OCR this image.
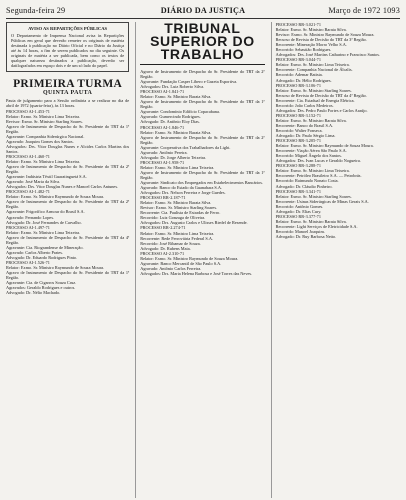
Segunda-feira 29	DIÁRIO DA JUSTIÇA	Março de 1972 1093
AVISO AS REPARTIÇÕES PÚBLICAS
O Departamento de Imprensa Nacional avisa às Repartições Públicas em geral que deverão remeter os originais de matéria destinada à publicação no Diário Oficial e no Diário da Justiça até às 14 horas, a fim de serem publicados no dia seguinte. Os originais de matéria a ser publicada, bem como os textos de qualquer natureza destinados a publicação, deverão ser datilografados em espaço dois e de um só lado do papel.
PRIMEIRA TURMA
QUINTA PAUTA

Pauta de julgamento para a Sessão ordinária a se realizar no dia de abril de 1972 (quarta-feira), às 13 horas.
PROCESSO AI-1.453-71
Relator: Exmo. Sr. Ministro Lima Teixeira.
Revisor: Exmo. Sr. Ministro Starling Soares.
Agravo de Instrumento de Despacho do Sr. Presidente do TRT da 1ª Região.
Agravante: Companhia Siderúrgica Nacional.
Agravado: Joaquim Gomes dos Santos.
Advogados: Drs. Vitor Douglas Nunes e Alcides Carlos Martins dos Santos.
PROCESSO AI-1.460-71
Relator: Exmo. Sr. Ministro Lima Teixeira.
Agravo de Instrumento de Despacho do Sr. Presidente do TRT da 2ª Região.
Agravante: Indústria Têxtil Guaratinguetá S.A.
Agravado: José Maria da Silva.
Advogados: Drs. Vitor Douglas Nunes e Manoel Carlos Antunes.
PROCESSO AI-1.482-71
Relator: Exmo. Sr. Ministro Raymundo de Souza Moura.
Agravo de Instrumento de Despacho do Sr. Presidente do TRT da 2ª Região.
Agravante: Frigorífico Armour do Brasil S.A.
Agravado: Fernando Lopes.
Advogado: Dr. José Fernandes de Carvalho.
PROCESSO AI-1.497-71
Relator: Exmo. Sr. Ministro Lima Teixeira.
Agravo de Instrumento de Despacho do Sr. Presidente do TRT da 4ª Região.
Agravante: Cia. Riograndense de Mineração.
Agravado: Carlos Alberto Prates.
Advogado: Dr. Eduardo Rodrigues Pinto.
PROCESSO AI-1.526-71
Relator: Exmo. Sr. Ministro Raymundo de Souza Moura.
Agravo de Instrumento de Despacho do Sr. Presidente do TRT da 1ª Região.
Agravante: Cia. de Cigarros Souza Cruz.
Agravados: Geraldo Rodrigues e outros.
Advogado: Dr. Nélio Machado.

TRIBUNAL SUPERIOR DO TRABALHO

Agravo de Instrumento de Despacho do Sr. Presidente do TRT da 2ª Região.
Agravante: Fundação Casper Líbero e Gazeta Esportiva.
Advogados: Drs. Luiz Roberto Silva.
PROCESSO AI-1.841-71
Relator: Exmo. Sr. Ministro Barata Silva.
Agravo de Instrumento de Despacho do Sr. Presidente do TRT da 1ª Região.
Agravante: Condomínio Edifício Copacabana.
Agravado: Gumercindo Rodrigues.
Advogado: Dr. Antônio Eloy Dias.
PROCESSO AI-1.846-71
Relator: Exmo. Sr. Ministro Barata Silva.
Agravo de Instrumento de Despacho do Sr. Presidente do TRT da 2ª Região.
Agravante: Cooperativa dos Trabalhadores da Light.
Agravado: Antônio Pereira.
Advogado: Dr. Jorge Alberto Teixeira.
PROCESSO AI-1.958-71
Relator: Exmo. Sr. Ministro Lima Teixeira.
Agravo de Instrumento de Despacho do Sr. Presidente do TRT da 1ª Região.
Agravante: Sindicato dos Empregados em Estabelecimentos Bancários.
Agravado: Banco do Estado da Guanabara S.A.
Advogados: Drs. Nelson Ferreira e Jorge Guedes.
PROCESSO RR-2.187-71
Relator: Exmo. Sr. Ministro Barata Silva.
Revisor: Exmo. Sr. Ministro Starling Soares.
Recorrente: Cia. Paulista de Estradas de Ferro.
Recorrido: Luiz Gonzaga de Oliveira.
Advogados: Drs. Augusto Carlos e Ulisses Riedel de Resende.
PROCESSO RR-2.274-71
Relator: Exmo. Sr. Ministro Lima Teixeira.
Recorrente: Rede Ferroviária Federal S.A.
Recorrido: José Ribamar de Souza.
Advogado: Dr. Rubens Maia.
PROCESSO AI-2.310-71
Relator: Exmo. Sr. Ministro Raymundo de Souza Moura.
Agravante: Banco Mercantil de São Paulo S.A.
Agravado: Antônio Carlos Ferreira.
Advogados: Drs. Maria Helena Barbosa e José Torres das Neves.

PROCESSO RR-3.021-71
Relator: Exmo. Sr. Ministro Barata Silva.
Revisor: Exmo. Sr. Ministro Raymundo de Souza Moura.
Recurso de Revista de Decisão do TRT da 3ª Região.
Recorrente: Mineração Morro Velho S.A.
Recorrido: Sebastião Rodrigues.
Advogados: Drs. José Martins Catharino e Francisco Santos.
PROCESSO RR-3.044-71
Relator: Exmo. Sr. Ministro Lima Teixeira.
Recorrente: Companhia Nacional de Álcalis.
Recorrido: Ademar Batista.
Advogado: Dr. Hélio Rodrigues.
PROCESSO RR-3.106-71
Relator: Exmo. Sr. Ministro Starling Soares.
Recurso de Revista de Decisão do TRT da 4ª Região.
Recorrente: Cia. Estadual de Energia Elétrica.
Recorrido: João Carlos Medeiros.
Advogados: Drs. Pedro Paulo Fortes e Carlos Araújo.
PROCESSO RR-3.152-71
Relator: Exmo. Sr. Ministro Barata Silva.
Recorrente: Banco do Brasil S.A.
Recorrido: Walter Fonseca.
Advogado: Dr. Paulo Sérgio Lima.
PROCESSO RR-3.205-71
Relator: Exmo. Sr. Ministro Raymundo de Souza Moura.
Recorrente: Viação Aérea São Paulo S.A.
Recorrido: Miguel Ângelo dos Santos.
Advogados: Drs. Ivan Lucas e Geraldo Nogueira.
PROCESSO RR-3.288-71
Relator: Exmo. Sr. Ministro Lima Teixeira.
Recorrente: Petróleo Brasileiro S.A. — Petrobrás.
Recorrido: Raimundo Nonato Costa.
Advogado: Dr. Cláudio Pinheiro.
PROCESSO RR-3.341-71
Relator: Exmo. Sr. Ministro Starling Soares.
Recorrente: Usinas Siderúrgicas de Minas Gerais S.A.
Recorrido: Antônio Gomes.
Advogado: Dr. Elias Cury.
PROCESSO RR-3.377-71
Relator: Exmo. Sr. Ministro Barata Silva.
Recorrente: Light Serviços de Eletricidade S.A.
Recorrido: Manoel Joaquim.
Advogado: Dr. Ruy Barbosa Netto.
